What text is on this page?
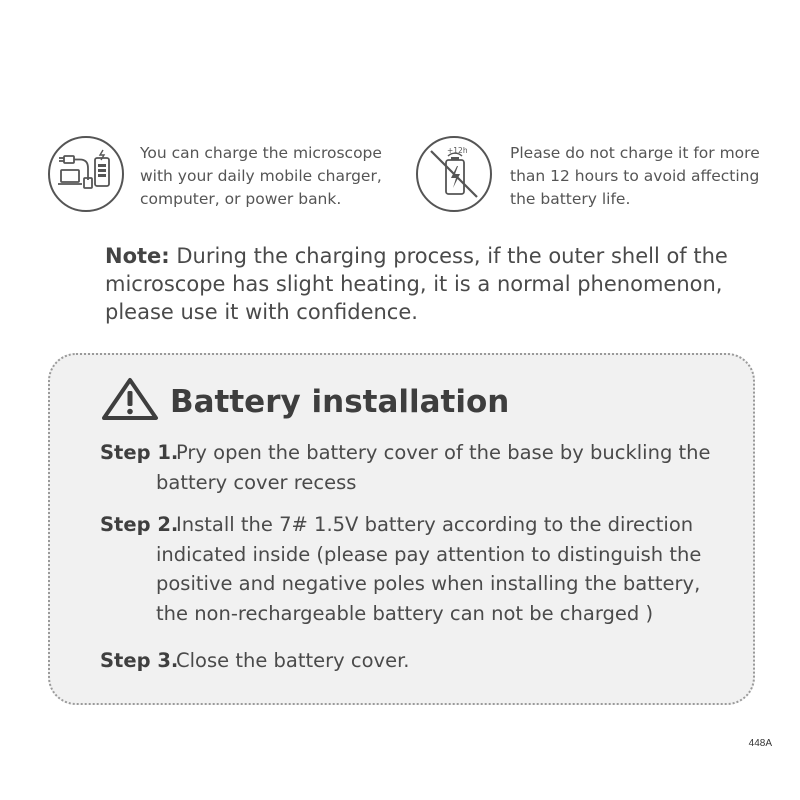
You can charge the microscope
with your daily mobile charger,
computer, or power bank.
+12h	Please do not charge it for more
than 12 hours to avoid affecting
the battery life.
Note: During the charging process, if the outer shell of the
microscope has slight heating, it is a normal phenomenon,
please use it with confidence.
Battery installation
Step 1.
Pry open the battery cover of the base by buckling the
battery cover recess
Step 2.
Install the 7# 1.5V battery according to the direction
indicated inside (please pay attention to distinguish the
positive and negative poles when installing the battery,
the non-rechargeable battery can not be charged )
Step 3.
Close the battery cover.
448A
